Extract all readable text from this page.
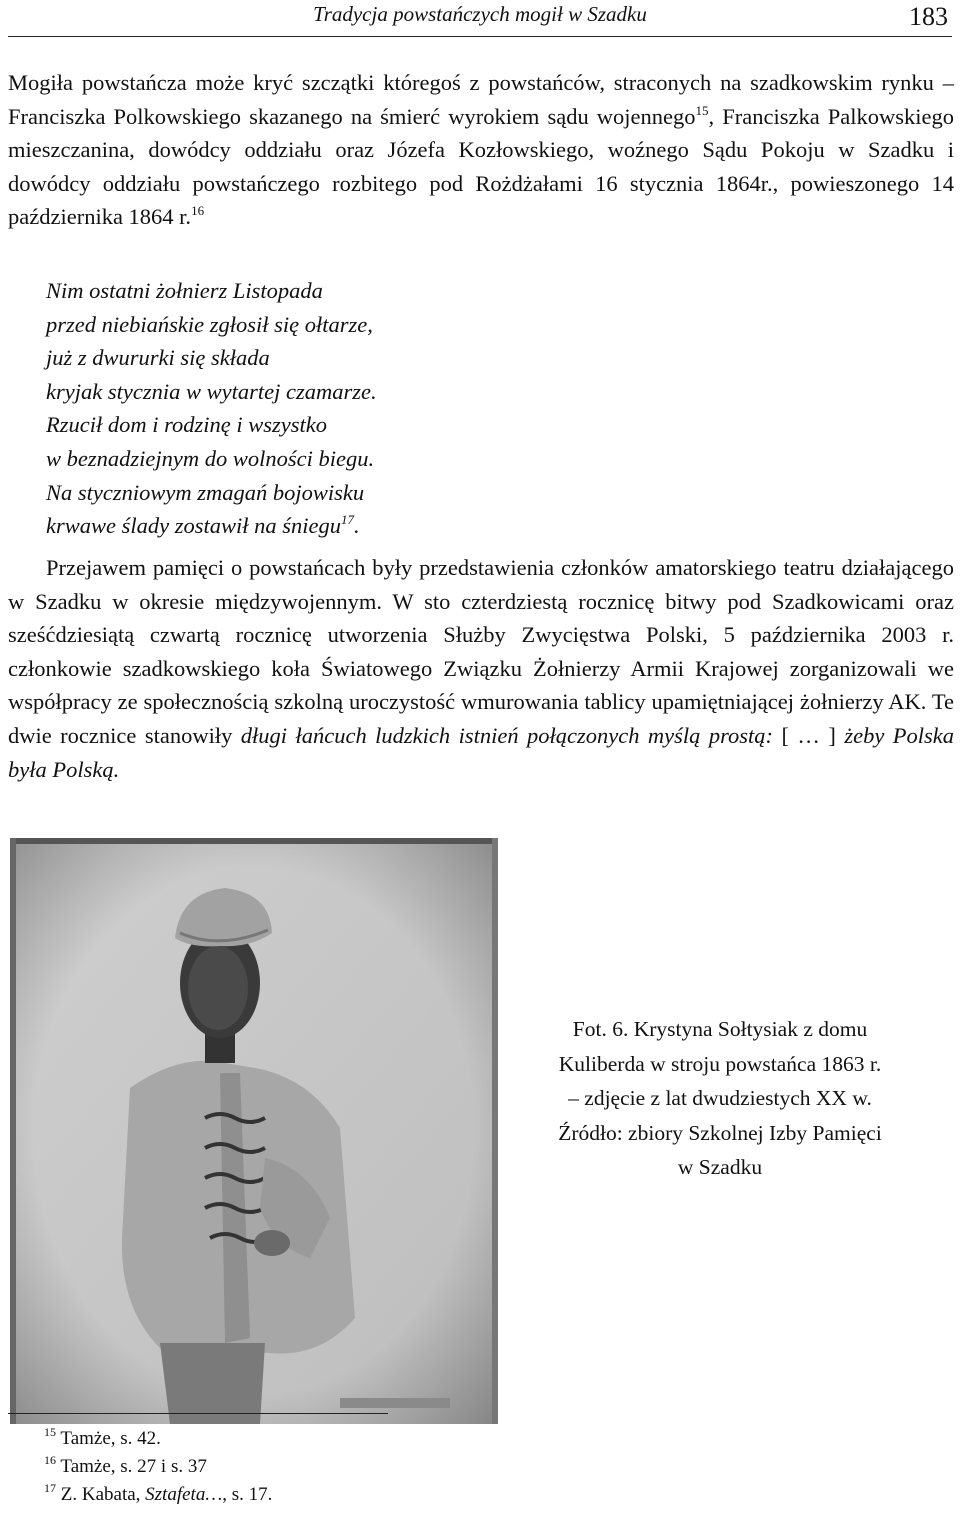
Tradycja powstańczych mogił w Szadku	183

Mogiła powstańcza może kryć szczątki któregoś z powstańców, straconych na szadkowskim rynku – Franciszka Polkowskiego skazanego na śmierć wyrokiem sądu wojennego$^{15}$, Franciszka Palkowskiego mieszczanina, dowódcy oddziału oraz Józefa Kozłowskiego, woźnego Sądu Pokoju w Szadku i dowódcy oddziału powstańczego rozbitego pod Rożdżałami 16 stycznia 1864r., powieszonego 14 października 1864 r.$^{16}$

Nim ostatni żołnierz Listopada
przed niebiańskie zgłosił się ołtarze,
już z dwururki się składa
kryjak stycznia w wytartej czamarze.
Rzucił dom i rodzinę i wszystko
w beznadziejnym do wolności biegu.
Na styczniowym zmagań bojowisku
krwawe ślady zostawił na śniegu$^{17}$.

Przejawem pamięci o powstańcach były przedstawienia członków amatorskiego teatru działającego w Szadku w okresie międzywojennym. W sto czterdziestą rocznicę bitwy pod Szadkowicami oraz sześćdziesiątą czwartą rocznicę utworzenia Służby Zwycięstwa Polski, 5 października 2003 r. członkowie szadkowskiego koła Światowego Związku Żołnierzy Armii Krajowej zorganizowali we współpracy ze społecznością szkolną uroczystość wmurowania tablicy upamiętniającej żołnierzy AK. Te dwie rocznice stanowiły długi łańcuch ludzkich istnień połączonych myślą prostą: [ … ] żeby Polska była Polską.

Fot. 6. Krystyna Sołtysiak z domu
Kuliberda w stroju powstańca 1863 r.
– zdjęcie z lat dwudziestych XX w.
Źródło: zbiory Szkolnej Izby Pamięci
w Szadku
$^{15}$ Tamże, s. 42.
$^{16}$ Tamże, s. 27 i s. 37
$^{17}$ Z. Kabata, Sztafeta…, s. 17.
